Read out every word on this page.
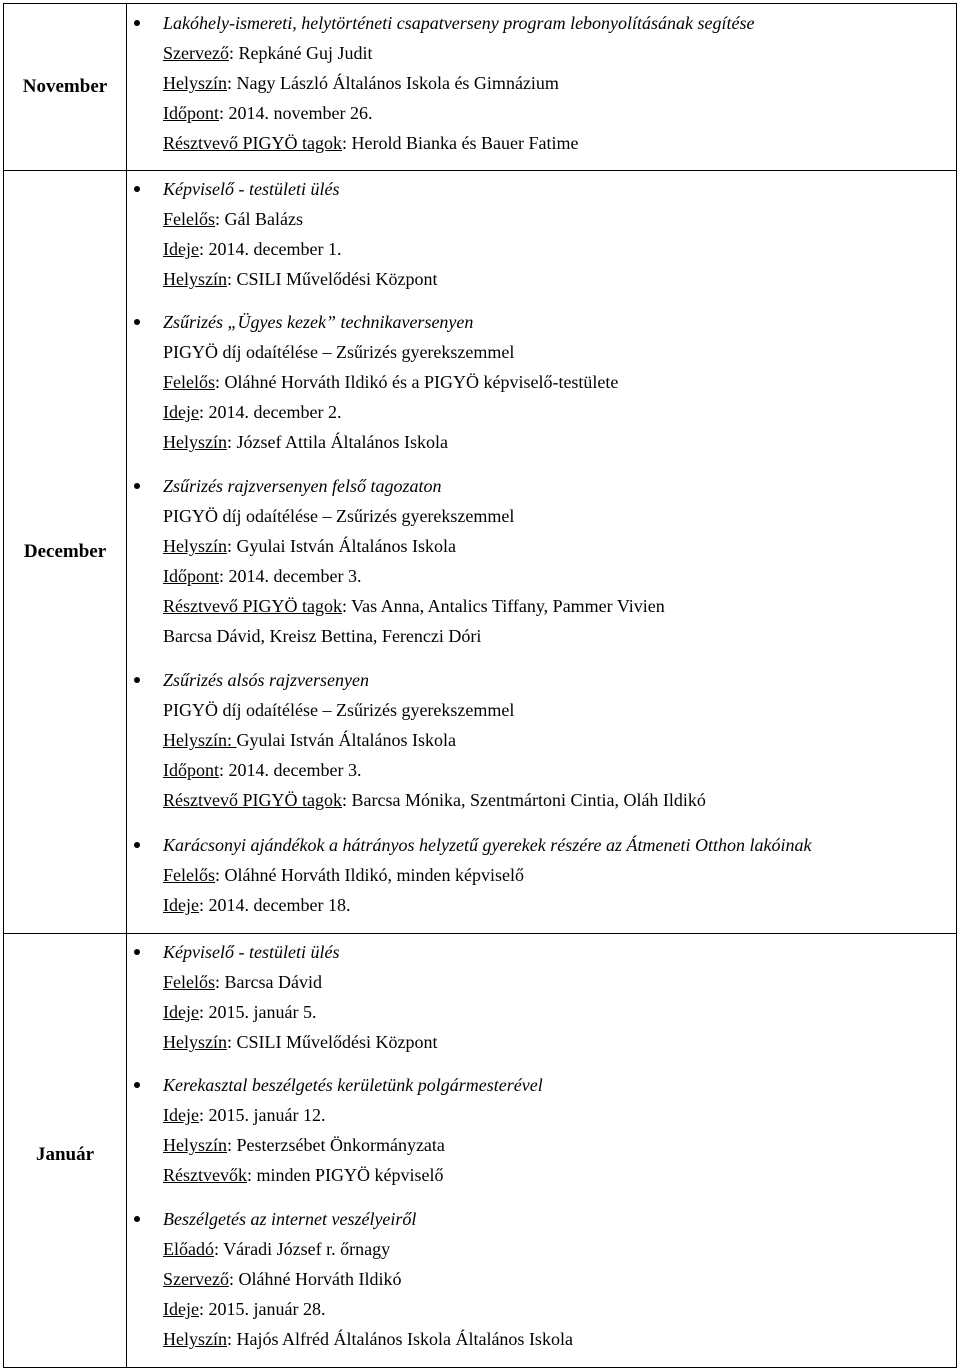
November
Lakóhely-ismereti, helytörténeti csapatverseny program lebonyolításának segítése
Szervező: Repkáné Guj Judit
Helyszín: Nagy László Általános Iskola és Gimnázium
Időpont: 2014. november 26.
Résztvevő PIGYÖ tagok: Herold Bianka és Bauer Fatime
December
Képviselő - testületi ülés
Felelős: Gál Balázs
Ideje: 2014. december 1.
Helyszín: CSILI Művelődési Központ
Zsűrizés „Ügyes kezek” technikaversenyen
PIGYÖ díj odaítélése – Zsűrizés gyerekszemmel
Felelős: Oláhné Horváth Ildikó és a PIGYÖ képviselő-testülete
Ideje: 2014. december 2.
Helyszín: József Attila Általános Iskola
Zsűrizés rajzversenyen felső tagozaton
PIGYÖ díj odaítélése – Zsűrizés gyerekszemmel
Helyszín: Gyulai István Általános Iskola
Időpont: 2014. december 3.
Résztvevő PIGYÖ tagok: Vas Anna, Antalics Tiffany, Pammer Vivien
Barcsa Dávid, Kreisz Bettina, Ferenczi Dóri
Zsűrizés alsós rajzversenyen
PIGYÖ díj odaítélése – Zsűrizés gyerekszemmel
Helyszín: Gyulai István Általános Iskola
Időpont: 2014. december 3.
Résztvevő PIGYÖ tagok: Barcsa Mónika, Szentmártoni Cintia, Oláh Ildikó
Karácsonyi ajándékok a hátrányos helyzetű gyerekek részére az Átmeneti Otthon lakóinak
Felelős: Oláhné Horváth Ildikó, minden képviselő
Ideje: 2014. december 18.
Január
Képviselő - testületi ülés
Felelős: Barcsa Dávid
Ideje: 2015. január 5.
Helyszín: CSILI Művelődési Központ
Kerekasztal beszélgetés kerületünk polgármesterével
Ideje: 2015. január 12.
Helyszín: Pesterzsébet Önkormányzata
Résztvevők: minden PIGYÖ képviselő
Beszélgetés az internet veszélyeiről
Előadó: Váradi József r. őrnagy
Szervező: Oláhné Horváth Ildikó
Ideje: 2015. január 28.
Helyszín: Hajós Alfréd Általános Iskola Általános Iskola
